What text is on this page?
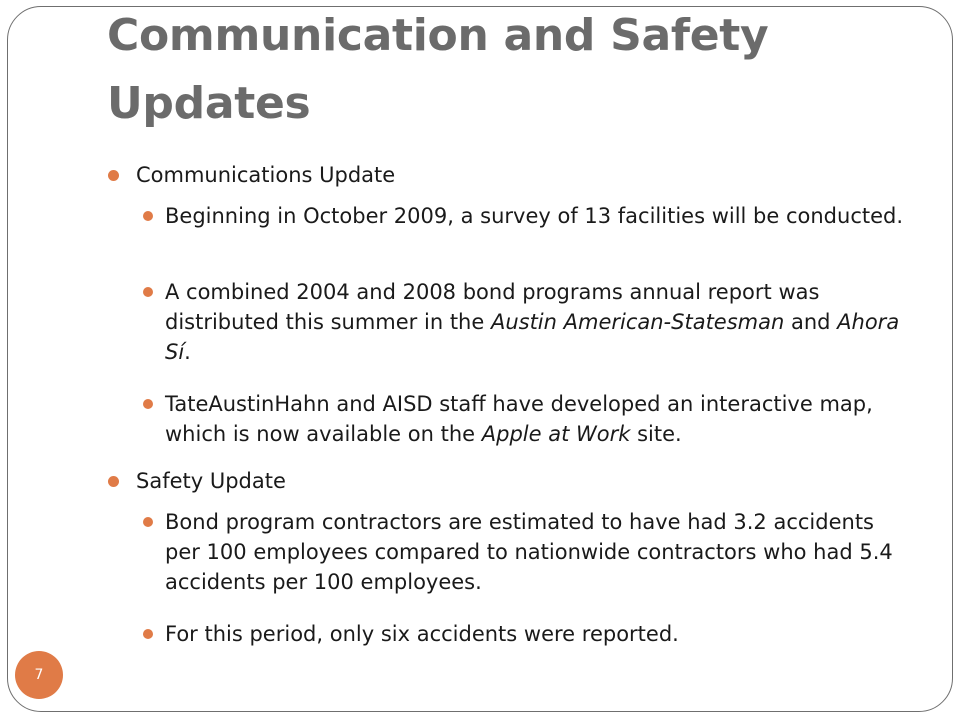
Communication and Safety Updates
Communications Update
Beginning in October 2009, a survey of 13 facilities will be conducted.
A combined 2004 and 2008 bond programs annual report was distributed this summer in the Austin American-Statesman and Ahora Sí.
TateAustinHahn and AISD staff have developed an interactive map, which is now available on the Apple at Work site.
Safety Update
Bond program contractors are estimated to have had 3.2 accidents per 100 employees compared to nationwide contractors who had 5.4 accidents per 100 employees.
For this period, only six accidents were reported.
7
